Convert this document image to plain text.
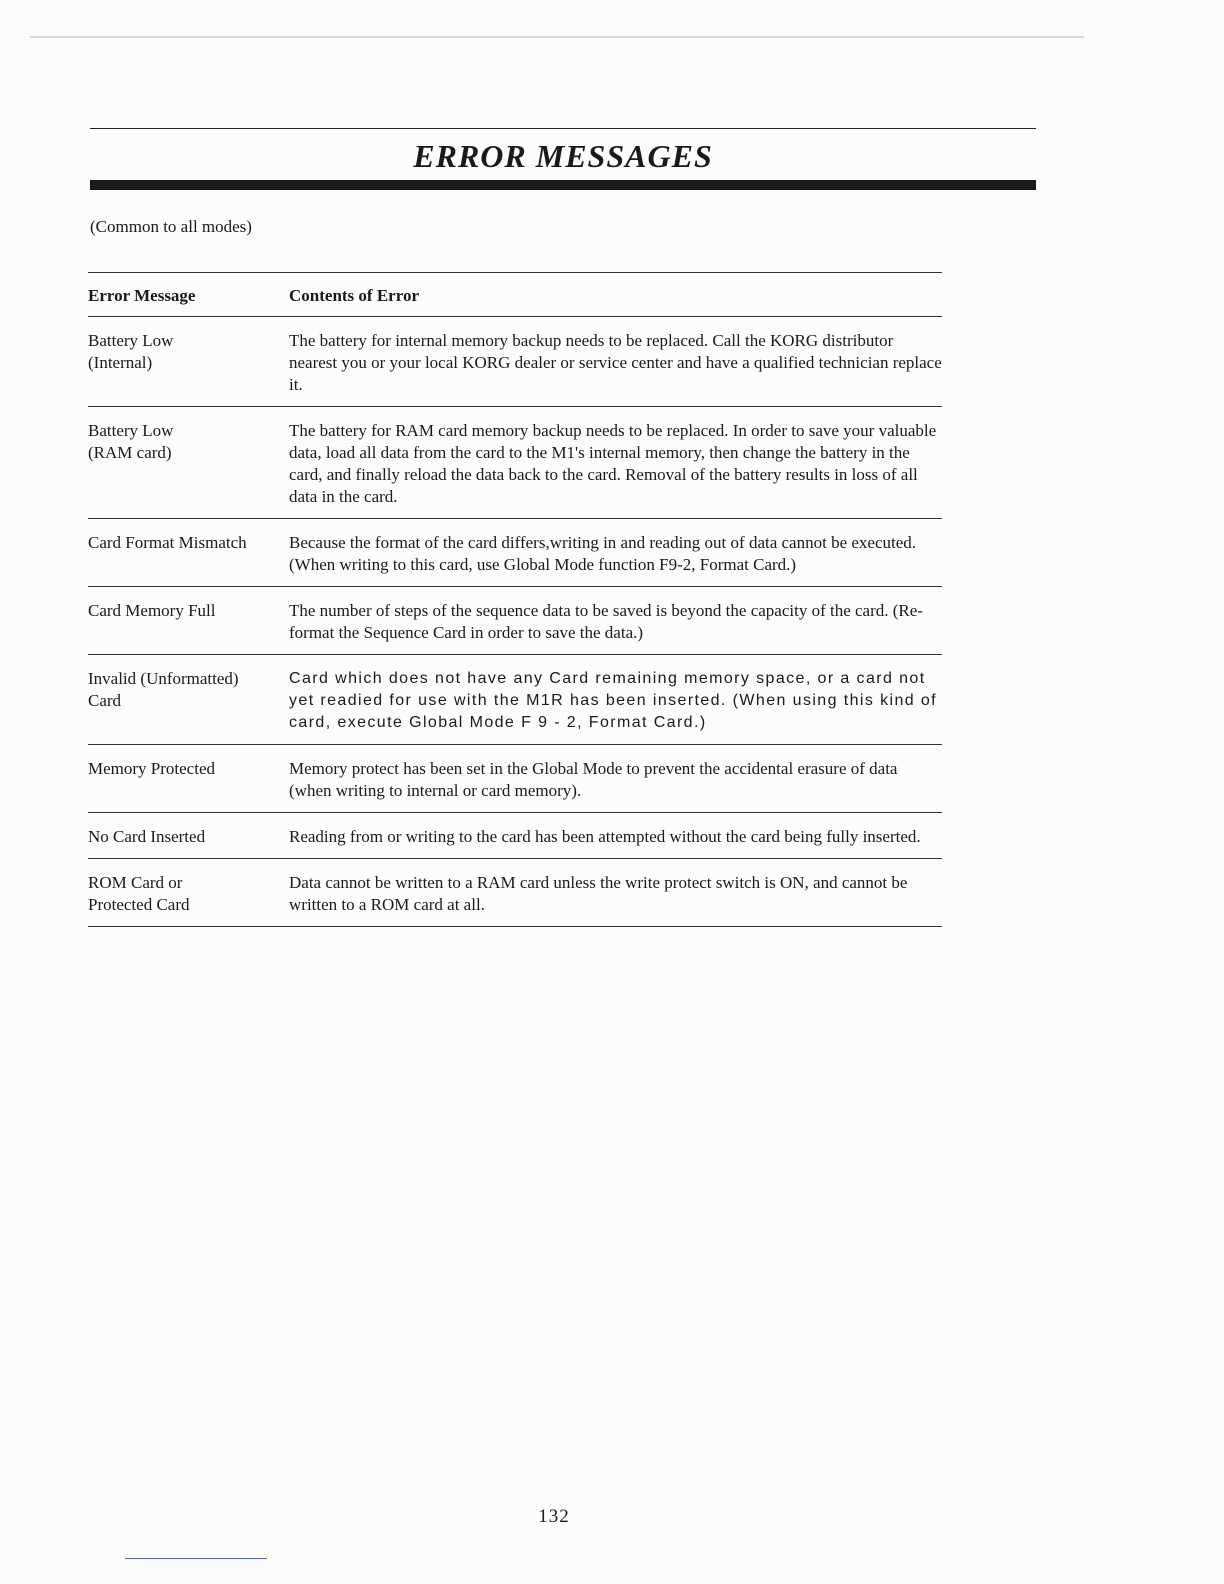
ERROR MESSAGES
(Common to all modes)
Error Message	Contents of Error
Battery Low
(Internal)	The battery for internal memory backup needs to be replaced. Call the KORG distributor nearest you or your local KORG dealer or service center and have a qualified technician replace it.
Battery Low
(RAM card)	The battery for RAM card memory backup needs to be replaced. In order to save your valuable data, load all data from the card to the M1's internal memory, then change the battery in the card, and finally reload the data back to the card. Removal of the battery results in loss of all data in the card.
Card Format Mismatch	Because the format of the card differs,writing in and reading out of data cannot be executed. (When writing to this card, use Global Mode function F9-2, Format Card.)
Card Memory Full	The number of steps of the sequence data to be saved is beyond the capacity of the card. (Re-format the Sequence Card in order to save the data.)
Invalid (Unformatted)
Card	Card which does not have any Card remaining memory space, or a card not yet readied for use with the M1R has been inserted. (When using this kind of card, execute Global Mode F 9 - 2, Format Card.)
Memory Protected	Memory protect has been set in the Global Mode to prevent the accidental erasure of data (when writing to internal or card memory).
No Card Inserted	Reading from or writing to the card has been attempted without the card being fully inserted.
ROM Card or
Protected Card	Data cannot be written to a RAM card unless the write protect switch is ON, and cannot be written to a ROM card at all.
132
